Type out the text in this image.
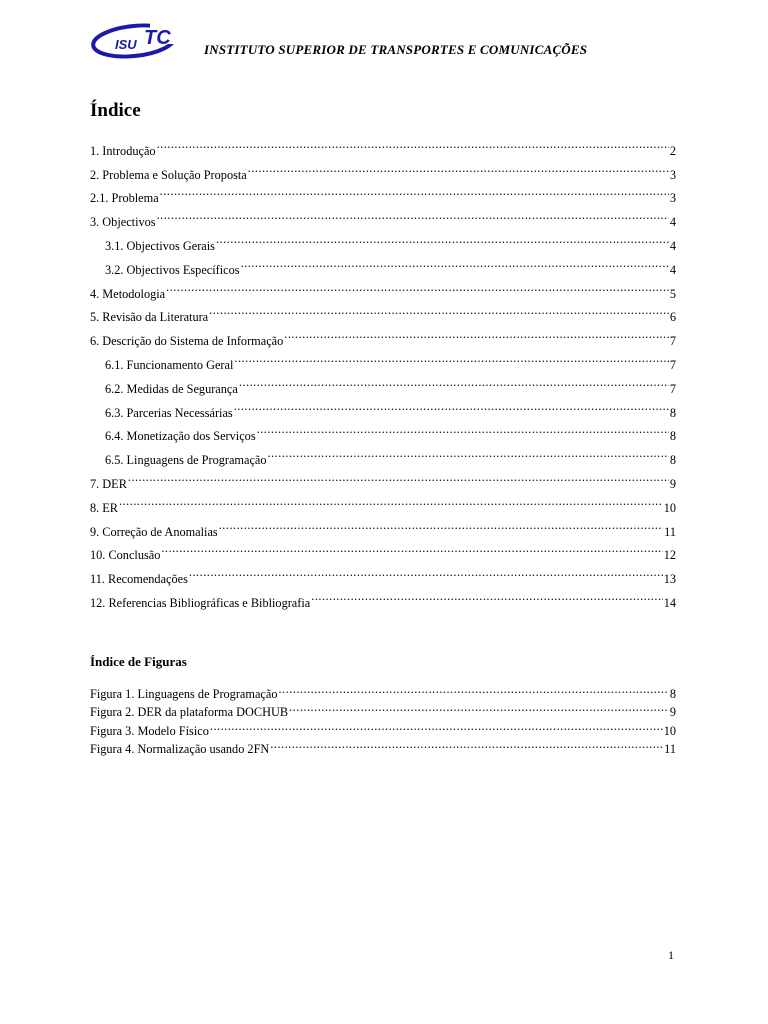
ISU TC
INSTITUTO SUPERIOR DE TRANSPORTES E COMUNICAÇÕES
Índice
1. Introdução .....	2
2. Problema e Solução Proposta .....	3
2.1. Problema .....	3
3. Objectivos .....	4
3.1. Objectivos Gerais .....	4
3.2. Objectivos Específicos .....	4
4. Metodologia .....	5
5. Revisão da Literatura .....	6
6. Descrição do Sistema de Informação .....	7
6.1. Funcionamento Geral .....	7
6.2. Medidas de Segurança .....	7
6.3. Parcerias Necessárias .....	8
6.4. Monetização dos Serviços .....	8
6.5. Linguagens de Programação .....	8
7. DER .....	9
8. ER .....	10
9. Correção de Anomalias .....	11
10. Conclusão .....	12
11. Recomendações .....	13
12. Referencias Bibliográficas e Bibliografia .....	14
Índice de Figuras
Figura 1. Linguagens de Programação .....	8
Figura 2. DER da plataforma DOCHUB .....	9
Figura 3. Modelo Físico .....	10
Figura 4. Normalização usando 2FN .....	11
1
